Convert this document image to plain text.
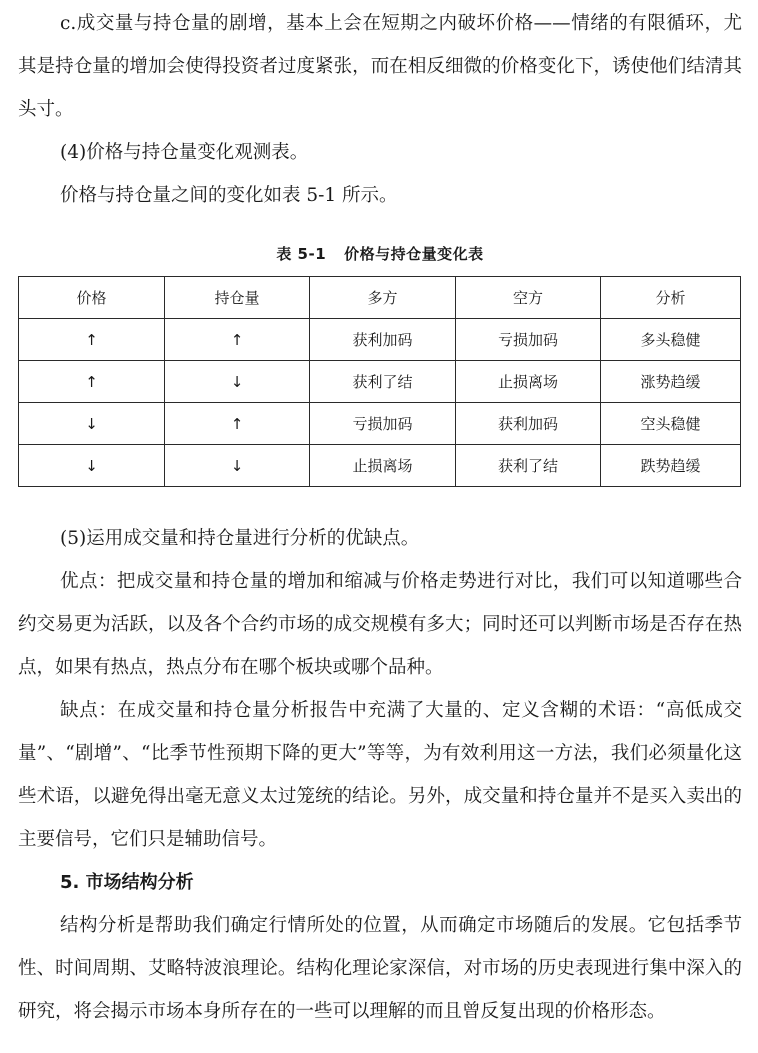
c.成交量与持仓量的剧增，基本上会在短期之内破坏价格——情绪的有限循环，尤其是持仓量的增加会使得投资者过度紧张，而在相反细微的价格变化下，诱使他们结清其头寸。

(4)价格与持仓量变化观测表。

价格与持仓量之间的变化如表 5-1 所示。

表 5-1 价格与持仓量变化表
价格	持仓量	多方	空方	分析
↑	↑	获利加码	亏损加码	多头稳健
↑	↓	获利了结	止损离场	涨势趋缓
↓	↑	亏损加码	获利加码	空头稳健
↓	↓	止损离场	获利了结	跌势趋缓

(5)运用成交量和持仓量进行分析的优缺点。

优点：把成交量和持仓量的增加和缩减与价格走势进行对比，我们可以知道哪些合约交易更为活跃，以及各个合约市场的成交规模有多大；同时还可以判断市场是否存在热点，如果有热点，热点分布在哪个板块或哪个品种。

缺点：在成交量和持仓量分析报告中充满了大量的、定义含糊的术语：“高低成交量”、“剧增”、“比季节性预期下降的更大”等等，为有效利用这一方法，我们必须量化这些术语，以避免得出毫无意义太过笼统的结论。另外，成交量和持仓量并不是买入卖出的主要信号，它们只是辅助信号。

5. 市场结构分析

结构分析是帮助我们确定行情所处的位置，从而确定市场随后的发展。它包括季节性、时间周期、艾略特波浪理论。结构化理论家深信，对市场的历史表现进行集中深入的研究，将会揭示市场本身所存在的一些可以理解的而且曾反复出现的价格形态。
